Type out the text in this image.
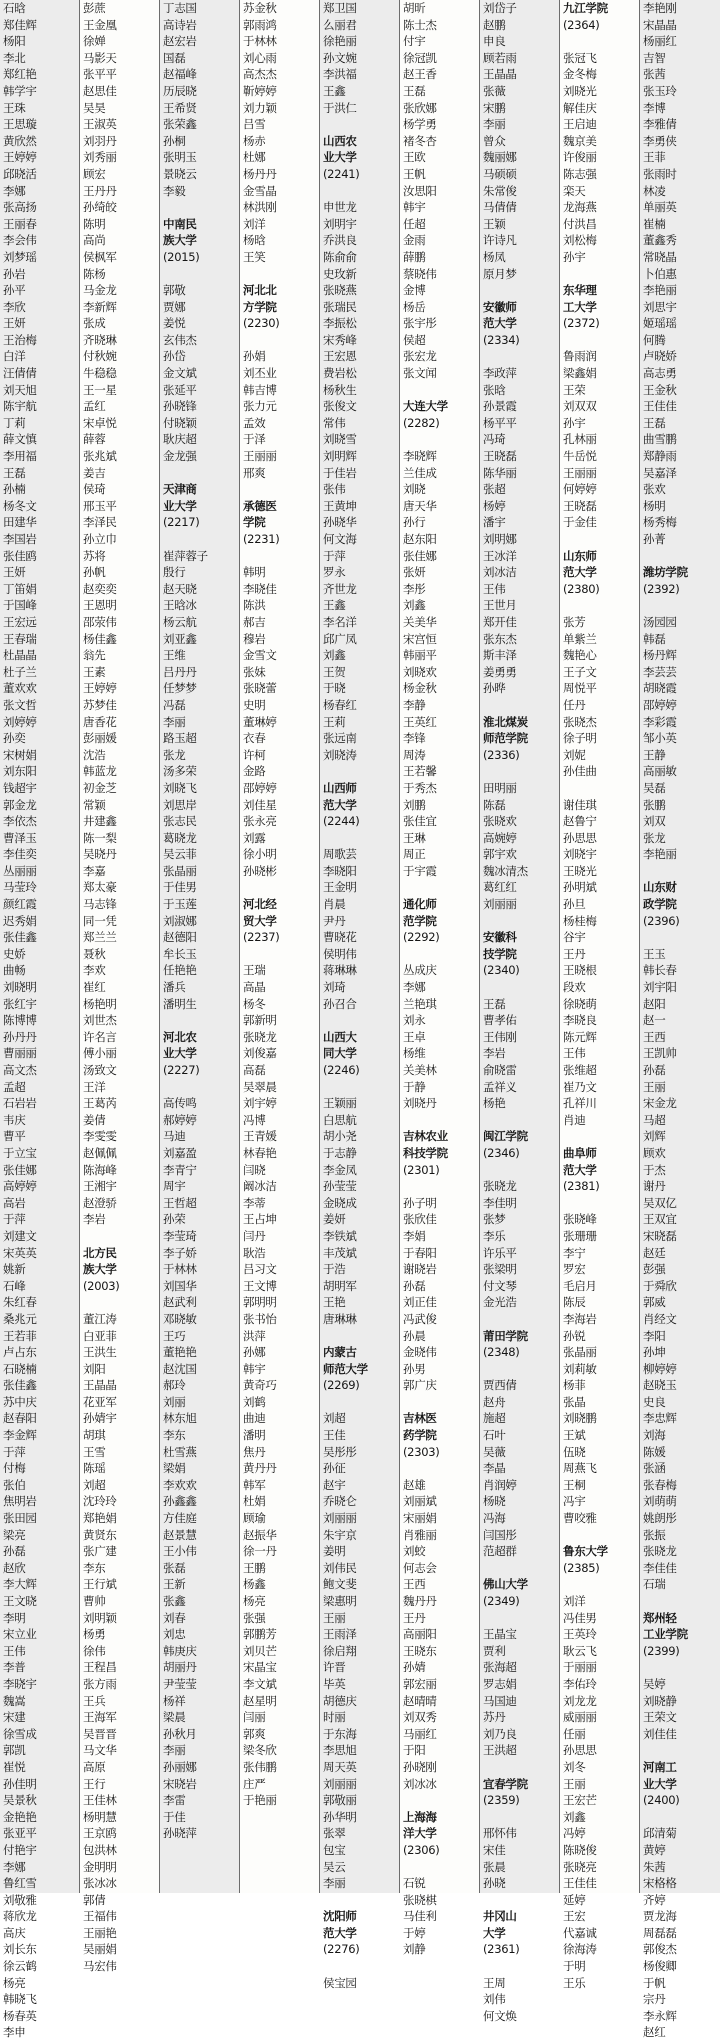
石晗
郑佳辉
杨阳
李北
郑红艳
韩学宇
王珠
王思璇
黄欣然
王婷婷
邱晓活
李娜
张高扬
王丽春
李会伟
刘梦瑶
孙岩
孙平
李欣
王妍
王治梅
白洋
汪倩倩
刘天旭
陈宇航
丁莉
薛文慎
李用福
王磊
孙楠
杨冬文
田建华
李国岩
张佳鸥
王妍
丁笛娟
于国峰
王宏远
王春瑞
杜晶晶
杜子兰
董欢欢
张文哲
刘婷婷
孙奕
宋树娟
刘东阳
钱超宇
郭金龙
李依杰
曹泽玉
李佳奕
丛丽丽
马莹玲
颜红霞
迟秀娟
张佳鑫
史娇
曲畅
刘晓明
张红宇
陈博博
孙丹丹
曹丽丽
高文杰
孟超
石岩岩
韦庆
曹平
于立宝
张佳娜
高婷婷
高岩
于萍
刘建文
宋英英
姚新
石峰
朱红春
桑兆元
王若菲
卢占东
石晓楠
张佳鑫
苏中庆
赵春阳
李金辉
于萍
付梅
张伯
焦明岩
张田园
梁亮
孙磊
赵欣
李大辉
王文晓
李明
宋立业
王伟
李普
李晓宇
魏嵩
宋建
徐雪成
郭凯
崔悦
孙佳明
吴景秋
金艳艳
张亚平
付艳宇
李娜
鲁红雪
刘敬雅
蒋欣龙
高庆
刘长东
徐云鹤
杨亮
韩晓飞
杨春英
李申
彭蔗
王金凰
徐婵
马影天
张平平
赵思佳
吴昊
王淑英
刘羽丹
刘秀丽
顾宏
王丹丹
孙绮皎
陈明
高尚
侯枫军
陈杨
马金龙
李新辉
张成
齐晓琳
付秋婉
牛稳稳
王一星
孟红
宋卓悦
薛蓉
张兆斌
姜吉
侯琦
邢玉平
李泽民
孙立巾
苏将
孙帆
赵奕奕
王恩明
邵荥伟
杨佳鑫
翁先
王素
王婷婷
苏梦佳
唐香花
彭丽媛
沈浩
韩蓝龙
初金芝
常颖
井建鑫
陈一梨
吴晓丹
李嘉
郑太豪
马志锋
同一凭
郑兰兰
聂秋
李欢
崔红
杨艳明
刘世杰
许名言
傅小丽
汤致文
王洋
王葛芮
姜倩
李雯雯
赵佩佩
陈海峰
王湘宇
赵澄骄
李岩
北方民
族大学
(2003)
董江涛
白亚菲
王洪生
刘阳
王晶晶
花亚军
孙婧宇
胡琪
王雪
陈瑶
刘超
沈玲玲
郑艳娟
黄贤东
张广建
李东
王行斌
曹帅
刘明颖
杨勇
徐伟
王程昌
张方雨
王兵
王海军
吴晋晋
马文华
高原
王行
王佳林
杨明慧
王京鸥
包洪林
金明明
张冰冰
郭倩
王福伟
王丽艳
吴丽娟
马宏伟
丁志国
高诗岩
赵宏岩
国磊
赵福峰
历辰晓
王希贤
张荣鑫
孙桐
张明玉
景晓云
李毅
中南民
族大学
(2015)
郭敬
贾娜
姜悦
玄伟杰
孙岱
金文斌
张延平
孙晓锋
付晓颖
耿庆超
金龙强
天津商
业大学
(2217)
崔萍蓉子
殷行
赵天晓
王晗冰
杨云航
刘亚鑫
王维
吕丹丹
任梦梦
冯磊
李丽
路玉超
张龙
汤多荣
刘晓飞
刘思岸
张志民
葛晓龙
吴云菲
张晶丽
于佳男
于玉莲
刘淑娜
赵德阳
牟长玉
任艳艳
潘兵
潘明生
河北农
业大学
(2227)
高传鸣
郝婷婷
马迪
刘嘉盈
李青宁
周宇
王哲超
孙荣
李莹琦
李子娇
于林林
刘国华
赵武利
邓晓敏
王巧
董艳艳
赵沈国
郝玲
刘丽
林东旭
李东
杜雪燕
梁娟
李欢欢
孙鑫鑫
方佳庭
赵景慧
王小伟
张磊
王新
张鑫
刘春
刘忠
韩庚庆
胡丽丹
尹莹莹
杨祥
梁晨
孙秋月
李丽
孙丽娜
宋晓岩
李雷
于佳
孙晓萍
苏金秋
郭雨鸿
于林林
刘心雨
高杰杰
靳婷婷
刘力颖
吕雪
杨赤
杜娜
杨丹丹
金雪晶
林洪刚
刘洋
杨晗
王笑
河北北
方学院
(2230)
孙娟
刘丕业
韩吉博
张力元
孟效
于泽
王丽丽
邢爽
承德医
学院
(2231)
韩明
李晓佳
陈洪
郝吉
穆岩
金雪文
张妹
张晓蕾
史明
董琳婷
衣春
许柯
金路
邵婷婷
刘佳星
张永亮
刘露
徐小明
孙晓彬
河北经
贸大学
(2237)
王瑞
高晶
杨冬
郭新明
张晓龙
刘俊嘉
高磊
吴翠晨
刘宇婷
冯博
王青媛
林春艳
闫晓
阚冰洁
李蒂
王占坤
闫丹
耿浩
吕习文
王文博
郭明明
张书怡
洪萍
孙娜
韩宇
黄奇巧
刘鹤
曲迪
潘明
焦丹
黄丹丹
韩军
杜娟
顾瑜
赵振华
徐一丹
王鹏
杨鑫
杨亮
张强
郭鹏芳
刘贝芒
宋晶宝
李文斌
赵星明
闫丽
郭爽
梁冬欣
张伟鹏
庄严
于艳丽
郑卫国
么丽君
徐艳丽
孙文婉
李洪福
王鑫
于洪仁
山西农
业大学
(2241)
申世龙
刘明宇
乔洪良
陈俞俞
史玫新
张晓燕
张瑞民
李振松
宋秀峰
王宏恩
费岩松
杨秋生
张俊文
常伟
刘晓雪
刘明辉
于佳岩
张伟
王黄坤
孙晓华
何文海
于萍
罗永
齐世龙
王鑫
李名洋
邱广凤
刘鑫
王贺
于晓
杨春红
王莉
张远南
刘晓涛
山西师
范大学
(2244)
周歌芸
李晓阳
王金明
肖晨
尹丹
曹晓花
侯明伟
蒋琳琳
刘琦
孙召合
山西大
同大学
(2246)
王颖丽
白思航
胡小尧
于志静
李金凤
孙莹莹
金晓成
姜妍
李铁斌
丰茂斌
于浩
胡明军
王艳
唐琳琳
内蒙古
师范大学
(2269)
刘超
王佳
吴彤彤
孙征
赵宇
乔晓仑
刘丽丽
朱宇京
姜明
刘伟民
鲍文斐
梁惠明
王丽
王雨泽
徐启翔
许晋
毕英
胡德庆
时丽
于东海
李思旭
周天英
刘丽丽
郭敬丽
孙华明
张翠
包宝
吴云
李丽
沈阳师
范大学
(2276)
侯宝园
胡昕
陈士杰
付宇
徐冠凯
赵王香
王磊
张欣娜
杨学勇
褚冬杏
王欧
王帆
汝思阳
韩宇
任超
金雨
薛鹏
蔡晓伟
金博
杨岳
张宇彤
侯超
张宏龙
张文闻
大连大学
(2282)
李晓辉
兰佳成
刘晓
唐天华
孙行
赵东阳
张佳娜
张妍
李彤
刘鑫
关美华
宋宫恒
韩丽平
刘晓欢
杨金秋
李静
王英红
李锋
周涛
王若馨
于秀杰
刘鹏
张佳宜
王琳
周正
于宇霞
通化师
范学院
(2292)
丛成庆
李娜
兰艳琪
刘永
王卓
杨维
关美林
于静
刘晓丹
吉林农业
科技学院
(2301)
孙子明
张欣佳
李娟
于春阳
谢晓岩
孙磊
刘正佳
冯武俊
孙晨
金晓伟
孙男
郭广庆
吉林医
药学院
(2303)
赵雄
刘丽斌
宋丽娟
肖雅丽
刘蛟
何志会
王西
魏丹丹
王丹
高丽阳
王晓东
孙婧
郭宏丽
赵晴晴
刘双秀
马丽红
于阳
孙晓刚
刘冰冰
上海海
洋大学
(2306)
石锐
张晓棋
马佳利
于婷
刘静
刘岱子
赵鹏
申良
顾若雨
王晶晶
张薇
宋鹏
李丽
曾众
魏丽娜
马硕硕
朱常俊
马倩倩
王颖
许诗凡
杨凤
原月梦
安徽师
范大学
(2334)
李政萍
张晗
孙景霞
杨平平
冯琦
王晓磊
陈华丽
张超
杨婷
潘宇
刘明娜
王冰洋
刘冰洁
王伟
王世月
郑开佳
张东杰
斯丰泽
姜勇勇
孙晔
淮北煤炭
师范学院
(2336)
田明丽
陈磊
张晓欢
高婉婷
郭宇欢
魏冰清杰
葛红红
刘丽丽
安徽科
技学院
(2340)
王磊
曹孝佑
王伟刚
李岩
俞晓雷
孟祥义
杨艳
闽江学院
(2346)
张晓龙
李佳明
张梦
李乐
许乐平
张梁明
付文琴
金光浩
莆田学院
(2348)
贾西倩
赵舟
施超
石叶
吴薇
李晶
肖润婷
杨晓
冯海
闫国彤
范超群
佛山大学
(2349)
王晶宝
贾利
张海超
罗志娟
马国迪
苏丹
刘乃良
王洪超
宜春学院
(2359)
邢怀伟
宋佳
张晨
孙晓
井冈山
大学
(2361)
王周
刘伟
何文焕
九江学院
(2364)
张冠飞
金冬梅
刘晓光
解佳庆
王启迪
魏京美
许俊丽
陈志强
栾天
龙海燕
付洪昌
刘松梅
孙宇
东华理
工大学
(2372)
鲁雨润
梁鑫娟
王荣
刘双双
孙宇
孔林丽
牛岳悦
王丽丽
何婷婷
王晓磊
于金佳
山东师
范大学
(2380)
张芳
单紫兰
魏艳心
王子文
周悦平
任丹
张晓杰
徐子明
刘妮
孙佳曲
谢佳琪
赵鲁宁
孙思思
刘晓宇
王晓光
孙明斌
孙旦
杨桂梅
谷宇
王丹
王晓根
段欢
徐晓萌
李晓良
陈元辉
王伟
张维超
崔乃文
孔祥川
肖迪
曲阜师
范大学
(2381)
张晓峰
张珊珊
李宁
罗宏
毛启月
陈辰
李海岩
孙锐
张晶丽
刘莉敏
杨菲
张晶
刘晓鹏
王斌
伍晓
周燕飞
王桐
冯宇
曹咬雅
鲁东大学
(2385)
刘洋
冯佳男
王英玲
耿云飞
于丽丽
李佑玲
刘龙龙
威丽丽
任丽
孙思思
刘冬
王丽
王宏芒
刘鑫
冯婷
陈晓俊
张晓亮
王佳佳
延婷
王宏
代嘉诚
徐海涛
于明
王乐
李艳刚
宋晶晶
杨丽红
吉智
张茜
张玉玲
李博
李雅倩
李勇侠
王菲
张雨时
林凌
单丽英
崔楠
董鑫秀
常晓晶
卜伯惠
李艳丽
刘思宇
姬瑶瑶
何腾
卢晓娇
高志勇
王金秋
王佳佳
王磊
曲雪鹏
郑静雨
吴嘉泽
张欢
杨明
杨秀梅
孙菁
潍坊学院
(2392)
汤园园
韩磊
杨丹辉
李芸芸
胡晓霞
邵婷婷
李彩霞
邹小英
王静
高丽敏
吴磊
张鹏
刘双
张龙
李艳丽
山东财
政学院
(2396)
王玉
韩长春
刘宇阳
赵阳
赵一
王西
王凯帅
孙磊
王丽
宋金龙
马超
刘辉
顾欢
于杰
谢丹
吴双亿
王双宜
宋晓磊
赵廷
彭强
于舜欣
郭威
肖经文
李阳
孙坤
柳婷婷
赵晓玉
史良
李忠辉
刘海
陈媛
张涵
张春梅
刘萌萌
姚朗彤
张振
张晓龙
李佳佳
石瑞
郑州轻
工业学院
(2399)
吴婷
刘晓静
王荣文
刘佳佳
河南工
业大学
(2400)
邱清菊
黄婷
朱茜
宋格格
齐婷
贾龙海
周磊磊
郭俊杰
杨俊卿
于帆
宗丹
李永辉
赵红
